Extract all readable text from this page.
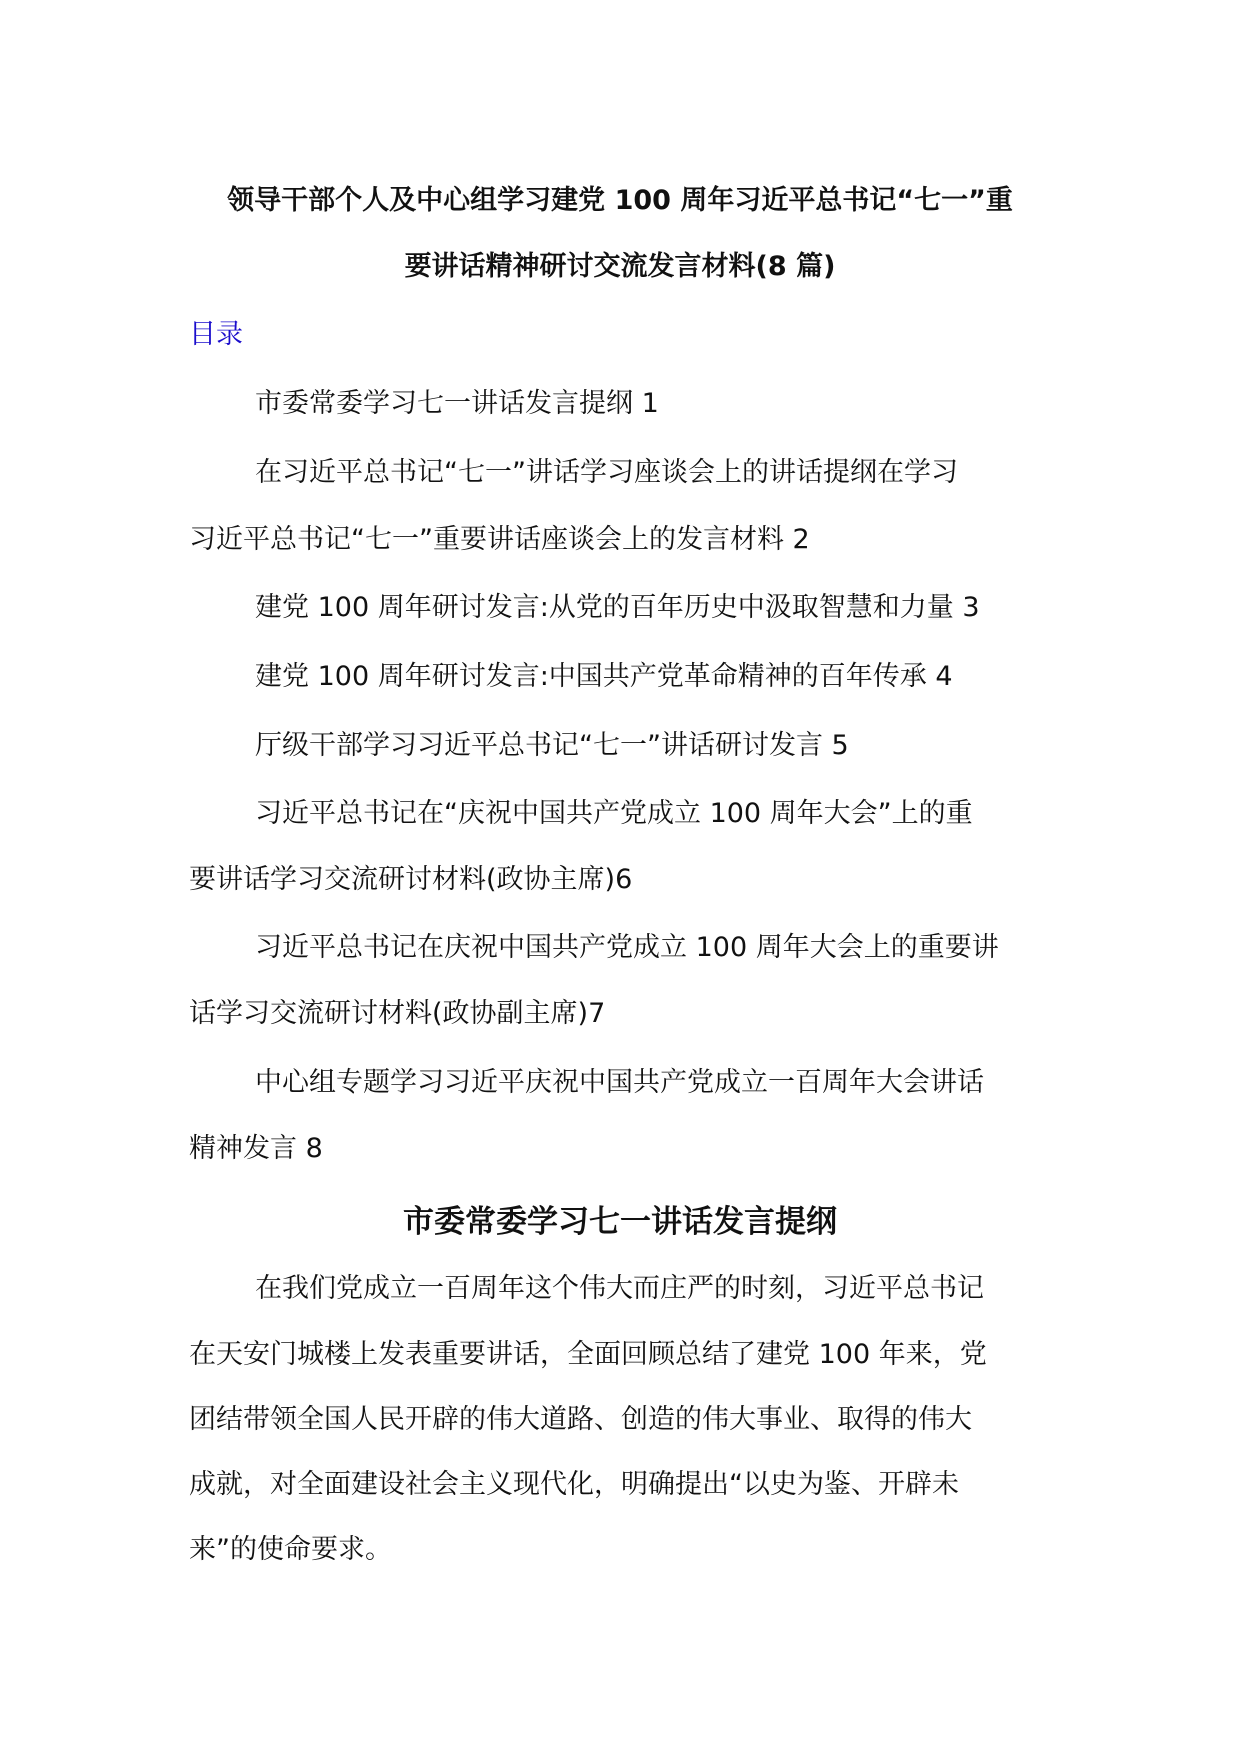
领导干部个人及中心组学习建党 100 周年习近平总书记“七一”重
要讲话精神研讨交流发言材料(8 篇)

目录

市委常委学习七一讲话发言提纲 1

在习近平总书记“七一”讲话学习座谈会上的讲话提纲在学习

习近平总书记“七一”重要讲话座谈会上的发言材料 2

建党 100 周年研讨发言:从党的百年历史中汲取智慧和力量 3

建党 100 周年研讨发言:中国共产党革命精神的百年传承 4

厅级干部学习习近平总书记“七一”讲话研讨发言 5

习近平总书记在“庆祝中国共产党成立 100 周年大会”上的重

要讲话学习交流研讨材料(政协主席)6

习近平总书记在庆祝中国共产党成立 100 周年大会上的重要讲

话学习交流研讨材料(政协副主席)7

中心组专题学习习近平庆祝中国共产党成立一百周年大会讲话

精神发言 8

市委常委学习七一讲话发言提纲

在我们党成立一百周年这个伟大而庄严的时刻，习近平总书记

在天安门城楼上发表重要讲话，全面回顾总结了建党 100 年来，党

团结带领全国人民开辟的伟大道路、创造的伟大事业、取得的伟大

成就，对全面建设社会主义现代化，明确提出“以史为鉴、开辟未

来”的使命要求。
